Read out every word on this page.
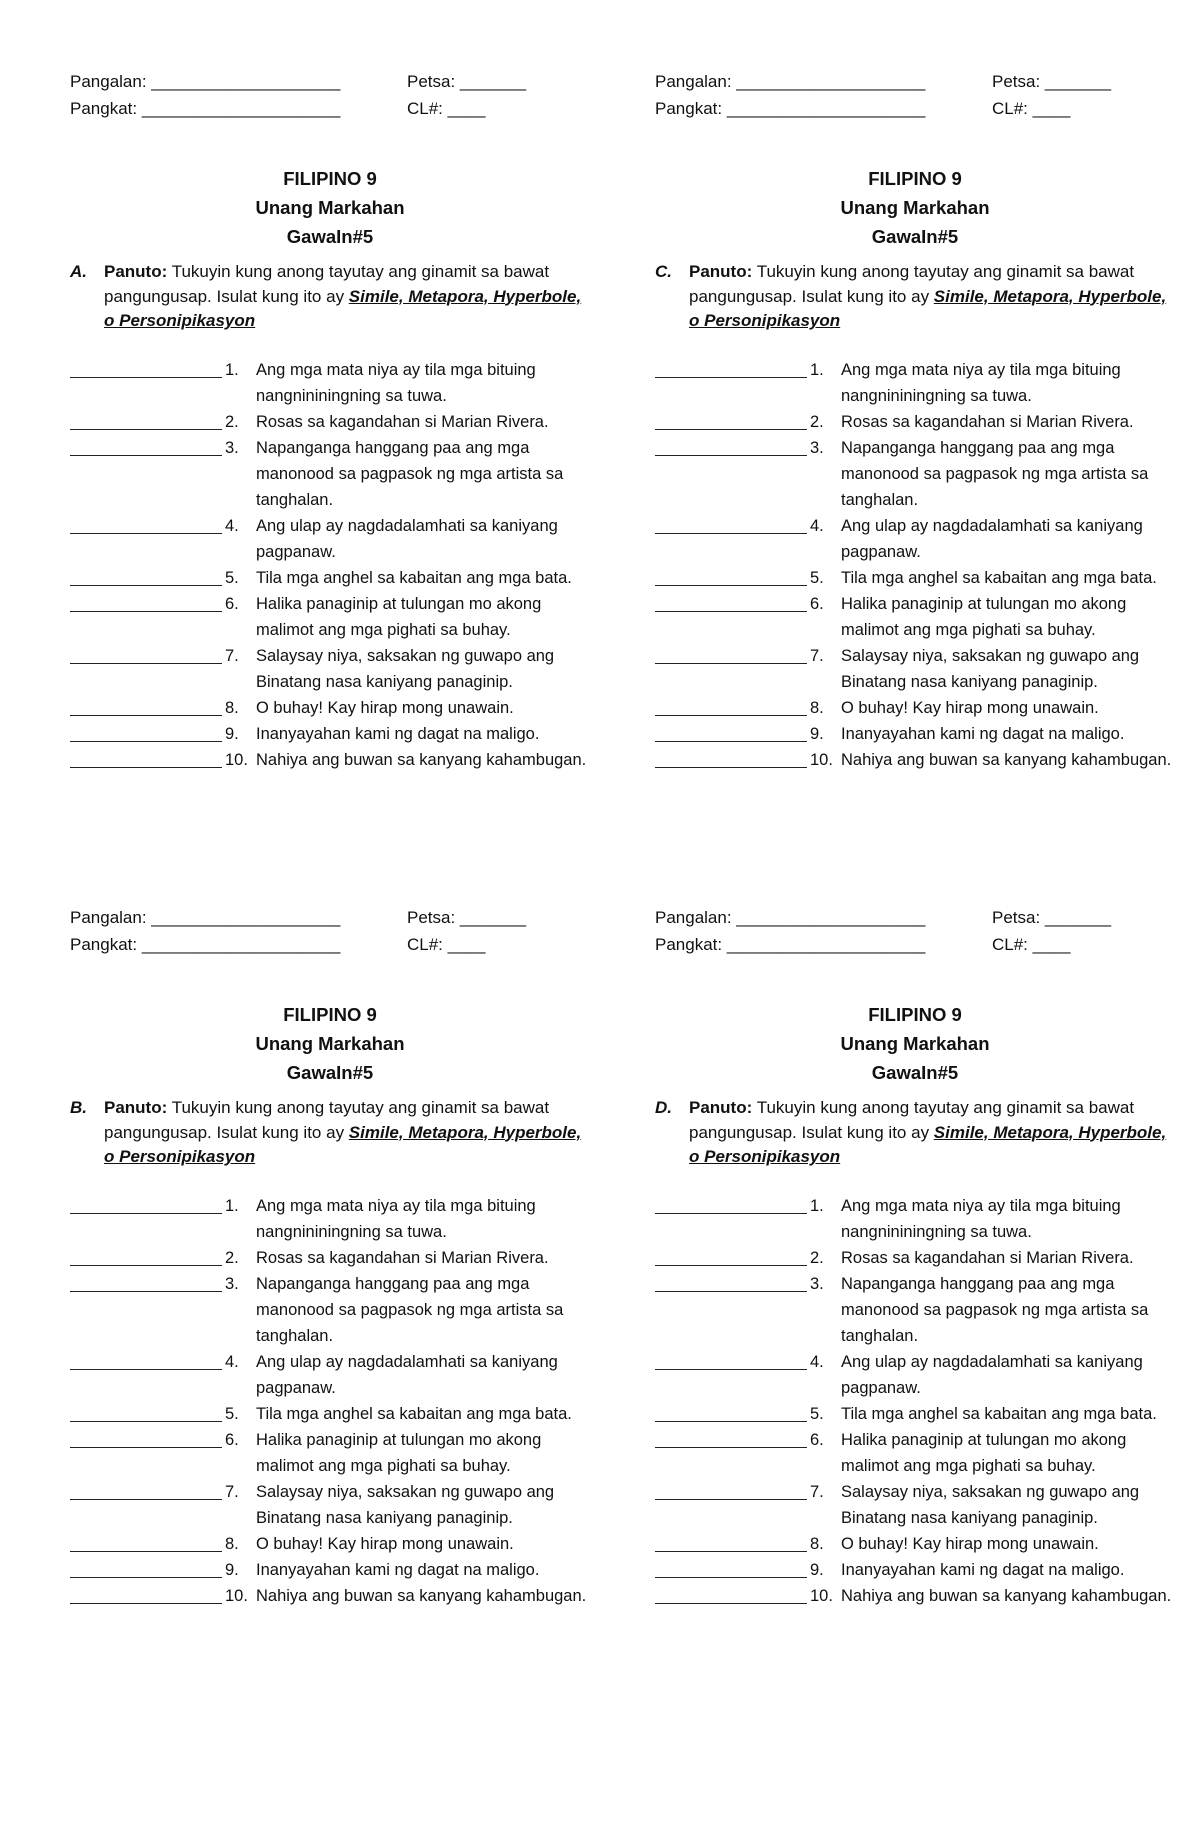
Pangalan: ____________________	Petsa: _______
Pangkat: _____________________	CL#: ____
FILIPINO 9
Unang Markahan
GawaIn#5
A. Panuto: Tukuyin kung anong tayutay ang ginamit sa bawat pangungusap. Isulat kung ito ay Simile, Metapora, Hyperbole, o Personipikasyon
1.	Ang mga mata niya ay tila mga bituing nangnininingning sa tuwa.
2.	Rosas sa kagandahan si Marian Rivera.
3.	Napanganga hanggang paa ang mga manonood sa pagpasok ng mga artista sa tanghalan.
4.	Ang ulap ay nagdadalamhati sa kaniyang pagpanaw.
5.	Tila mga anghel sa kabaitan ang mga bata.
6.	Halika panaginip at tulungan mo akong malimot ang mga pighati sa buhay.
7.	Salaysay niya, saksakan ng guwapo ang Binatang nasa kaniyang panaginip.
8.	O buhay! Kay hirap mong unawain.
9.	Inanyayahan kami ng dagat na maligo.
10. Nahiya ang buwan sa kanyang kahambugan.
Pangalan: ____________________	Petsa: _______
Pangkat: _____________________	CL#: ____
FILIPINO 9
Unang Markahan
GawaIn#5
C. Panuto: Tukuyin kung anong tayutay ang ginamit sa bawat pangungusap. Isulat kung ito ay Simile, Metapora, Hyperbole, o Personipikasyon
1.	Ang mga mata niya ay tila mga bituing nangnininingning sa tuwa.
2.	Rosas sa kagandahan si Marian Rivera.
3.	Napanganga hanggang paa ang mga manonood sa pagpasok ng mga artista sa tanghalan.
4.	Ang ulap ay nagdadalamhati sa kaniyang pagpanaw.
5.	Tila mga anghel sa kabaitan ang mga bata.
6.	Halika panaginip at tulungan mo akong malimot ang mga pighati sa buhay.
7.	Salaysay niya, saksakan ng guwapo ang Binatang nasa kaniyang panaginip.
8.	O buhay! Kay hirap mong unawain.
9.	Inanyayahan kami ng dagat na maligo.
10. Nahiya ang buwan sa kanyang kahambugan.
Pangalan: ____________________	Petsa: _______
Pangkat: _____________________	CL#: ____
FILIPINO 9
Unang Markahan
GawaIn#5
B. Panuto: Tukuyin kung anong tayutay ang ginamit sa bawat pangungusap. Isulat kung ito ay Simile, Metapora, Hyperbole, o Personipikasyon
1.	Ang mga mata niya ay tila mga bituing nangnininingning sa tuwa.
2.	Rosas sa kagandahan si Marian Rivera.
3.	Napanganga hanggang paa ang mga manonood sa pagpasok ng mga artista sa tanghalan.
4.	Ang ulap ay nagdadalamhati sa kaniyang pagpanaw.
5.	Tila mga anghel sa kabaitan ang mga bata.
6.	Halika panaginip at tulungan mo akong malimot ang mga pighati sa buhay.
7.	Salaysay niya, saksakan ng guwapo ang Binatang nasa kaniyang panaginip.
8.	O buhay! Kay hirap mong unawain.
9.	Inanyayahan kami ng dagat na maligo.
10. Nahiya ang buwan sa kanyang kahambugan.
Pangalan: ____________________	Petsa: _______
Pangkat: _____________________	CL#: ____
FILIPINO 9
Unang Markahan
GawaIn#5
D. Panuto: Tukuyin kung anong tayutay ang ginamit sa bawat pangungusap. Isulat kung ito ay Simile, Metapora, Hyperbole, o Personipikasyon
1.	Ang mga mata niya ay tila mga bituing nangnininingning sa tuwa.
2.	Rosas sa kagandahan si Marian Rivera.
3.	Napanganga hanggang paa ang mga manonood sa pagpasok ng mga artista sa tanghalan.
4.	Ang ulap ay nagdadalamhati sa kaniyang pagpanaw.
5.	Tila mga anghel sa kabaitan ang mga bata.
6.	Halika panaginip at tulungan mo akong malimot ang mga pighati sa buhay.
7.	Salaysay niya, saksakan ng guwapo ang Binatang nasa kaniyang panaginip.
8.	O buhay! Kay hirap mong unawain.
9.	Inanyayahan kami ng dagat na maligo.
10. Nahiya ang buwan sa kanyang kahambugan.
